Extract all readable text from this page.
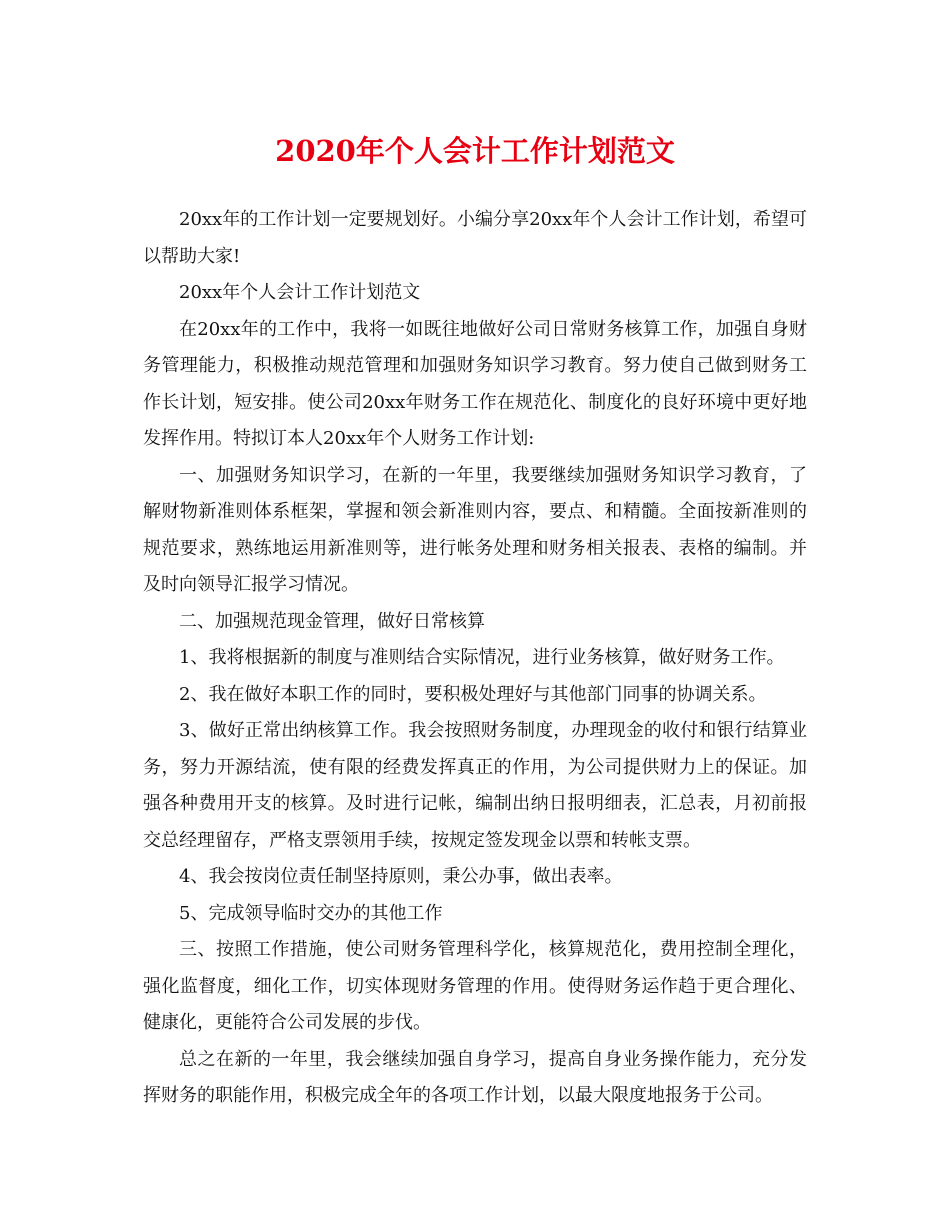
2020年个人会计工作计划范文

20xx年的工作计划一定要规划好。小编分享20xx年个人会计工作计划，希望可以帮助大家!

20xx年个人会计工作计划范文

在20xx年的工作中，我将一如既往地做好公司日常财务核算工作，加强自身财务管理能力，积极推动规范管理和加强财务知识学习教育。努力使自己做到财务工作长计划，短安排。使公司20xx年财务工作在规范化、制度化的良好环境中更好地发挥作用。特拟订本人20xx年个人财务工作计划:

一、加强财务知识学习，在新的一年里，我要继续加强财务知识学习教育，了解财物新准则体系框架，掌握和领会新准则内容，要点、和精髓。全面按新准则的规范要求，熟练地运用新准则等，进行帐务处理和财务相关报表、表格的编制。并及时向领导汇报学习情况。

二、加强规范现金管理，做好日常核算

1、我将根据新的制度与准则结合实际情况，进行业务核算，做好财务工作。

2、我在做好本职工作的同时，要积极处理好与其他部门同事的协调关系。

3、做好正常出纳核算工作。我会按照财务制度，办理现金的收付和银行结算业务，努力开源结流，使有限的经费发挥真正的作用，为公司提供财力上的保证。加强各种费用开支的核算。及时进行记帐，编制出纳日报明细表，汇总表，月初前报交总经理留存，严格支票领用手续，按规定签发现金以票和转帐支票。

4、我会按岗位责任制坚持原则，秉公办事，做出表率。

5、完成领导临时交办的其他工作

三、按照工作措施，使公司财务管理科学化，核算规范化，费用控制全理化，强化监督度，细化工作，切实体现财务管理的作用。使得财务运作趋于更合理化、健康化，更能符合公司发展的步伐。

总之在新的一年里，我会继续加强自身学习，提高自身业务操作能力，充分发挥财务的职能作用，积极完成全年的各项工作计划，以最大限度地报务于公司。
